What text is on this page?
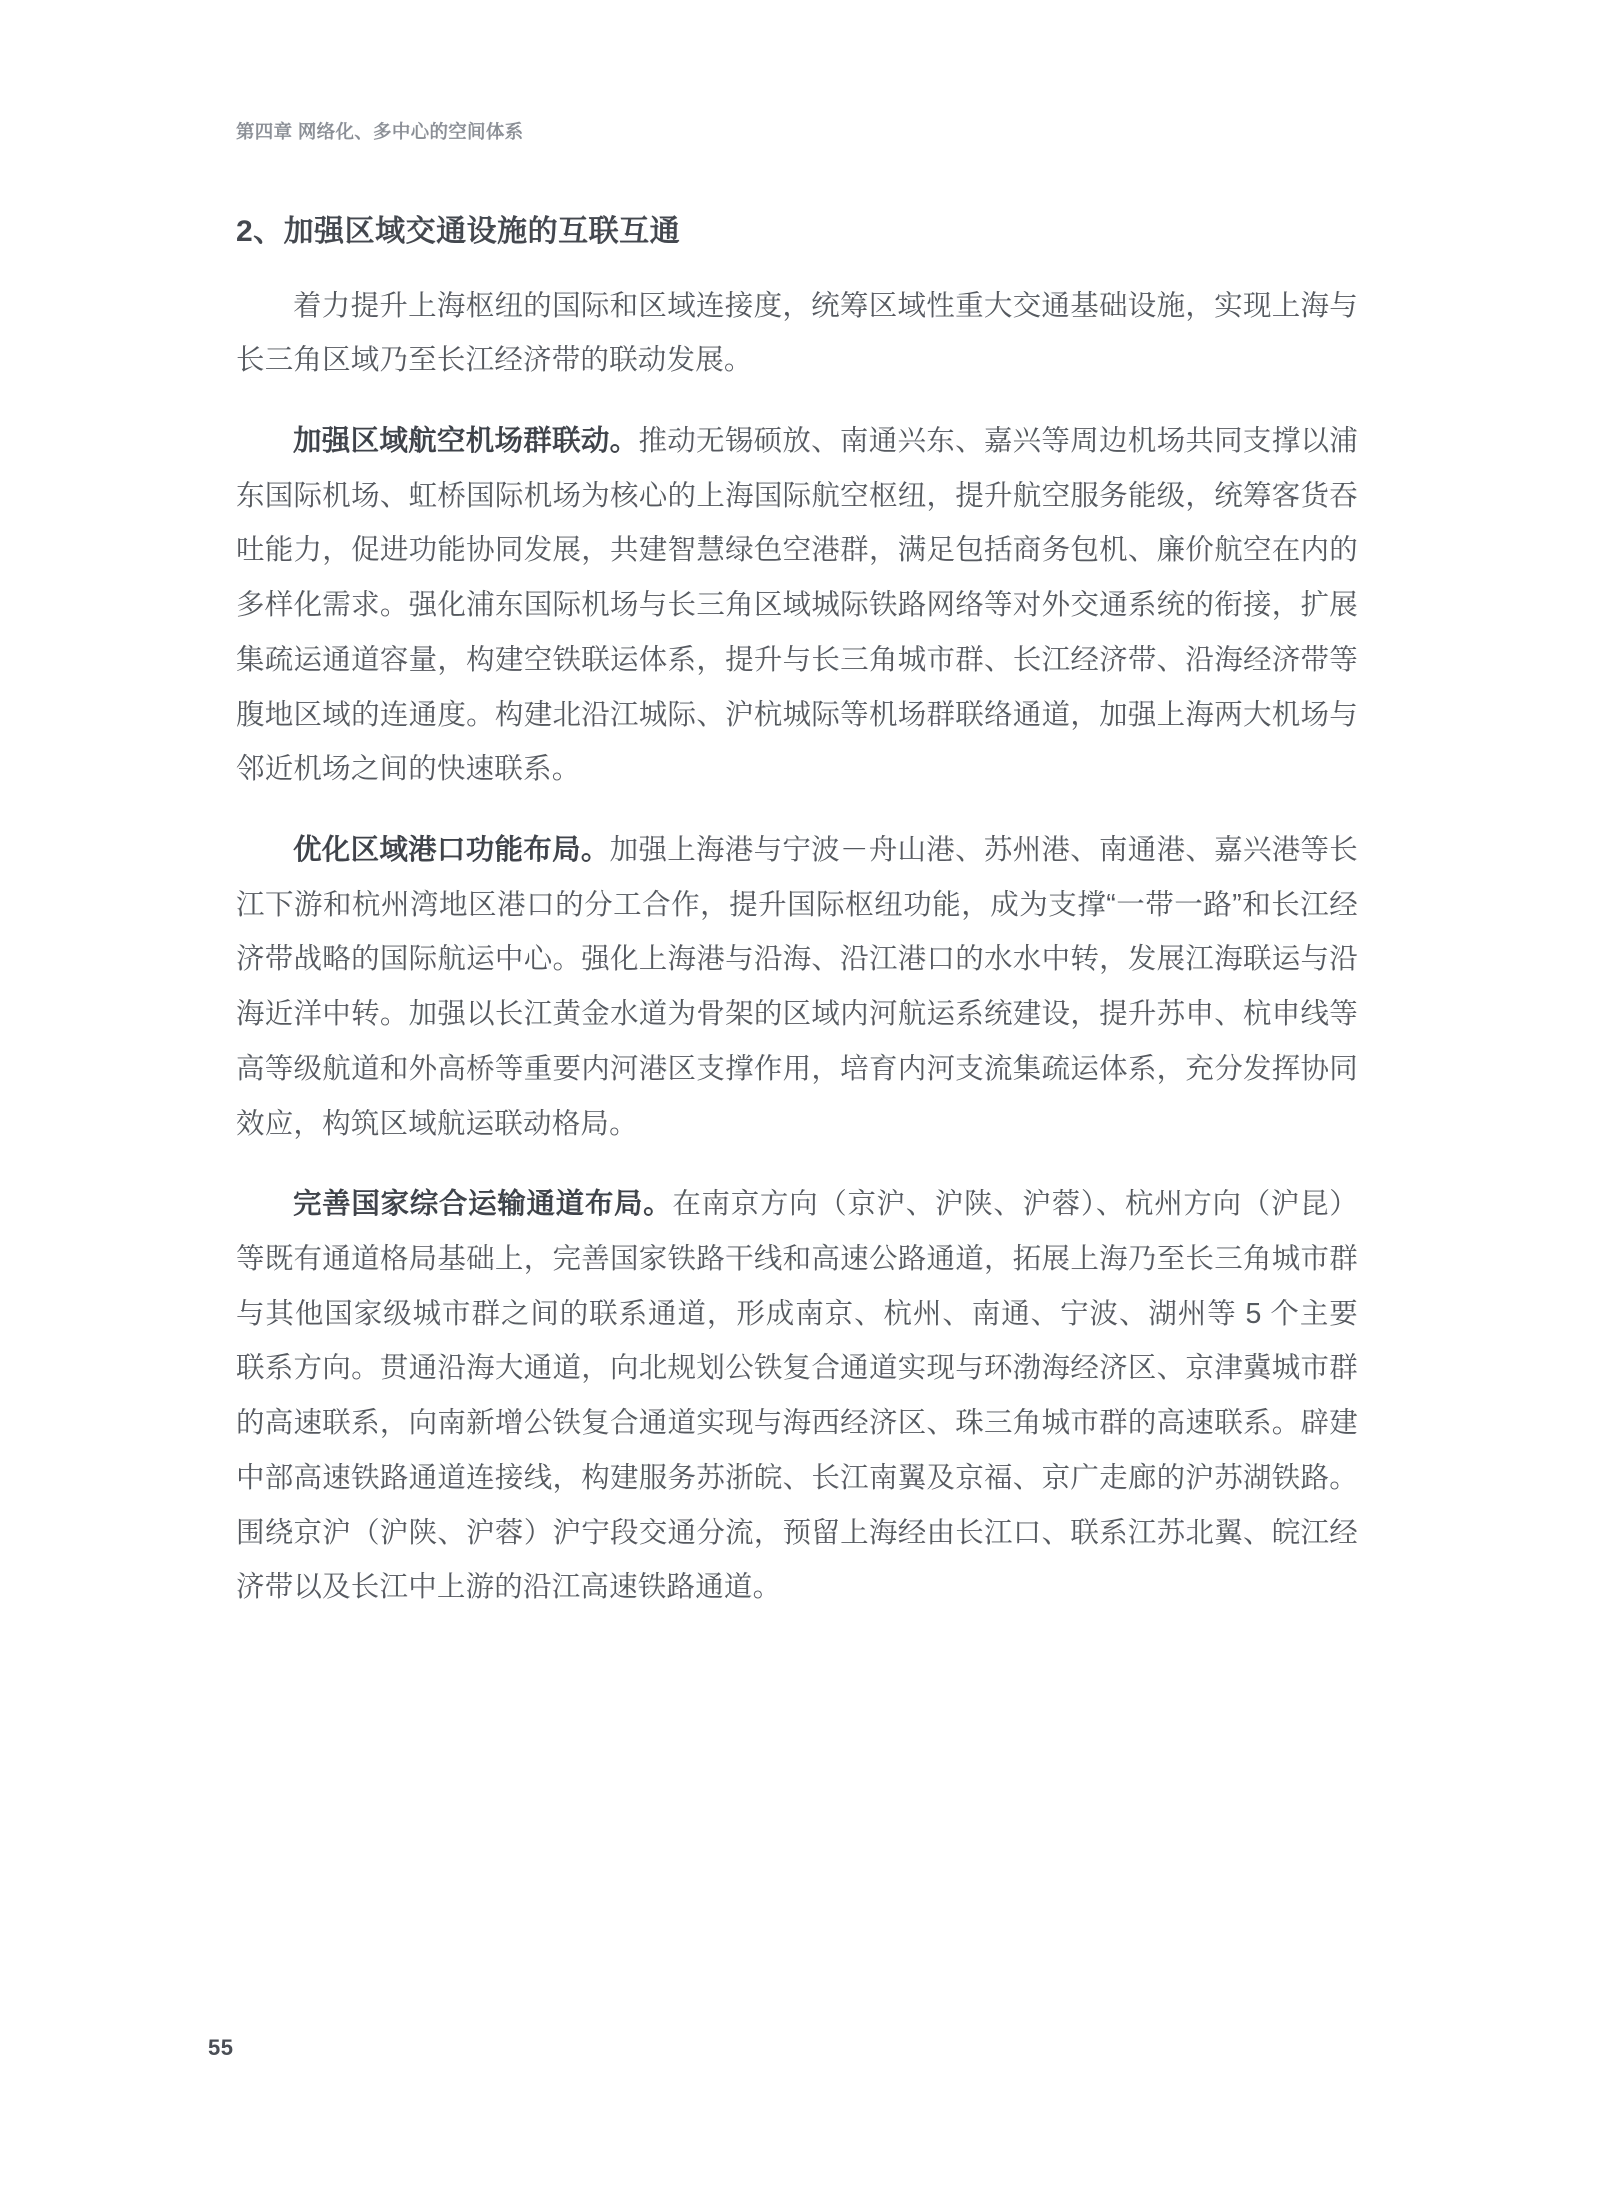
第四章 网络化、多中心的空间体系
2、加强区域交通设施的互联互通

着力提升上海枢纽的国际和区域连接度，统筹区域性重大交通基础设施，实现上海与长三角区域乃至长江经济带的联动发展。

加强区域航空机场群联动。推动无锡硕放、南通兴东、嘉兴等周边机场共同支撑以浦东国际机场、虹桥国际机场为核心的上海国际航空枢纽，提升航空服务能级，统筹客货吞吐能力，促进功能协同发展，共建智慧绿色空港群，满足包括商务包机、廉价航空在内的多样化需求。强化浦东国际机场与长三角区域城际铁路网络等对外交通系统的衔接，扩展集疏运通道容量，构建空铁联运体系，提升与长三角城市群、长江经济带、沿海经济带等腹地区域的连通度。构建北沿江城际、沪杭城际等机场群联络通道，加强上海两大机场与邻近机场之间的快速联系。

优化区域港口功能布局。加强上海港与宁波－舟山港、苏州港、南通港、嘉兴港等长江下游和杭州湾地区港口的分工合作，提升国际枢纽功能，成为支撑“一带一路”和长江经济带战略的国际航运中心。强化上海港与沿海、沿江港口的水水中转，发展江海联运与沿海近洋中转。加强以长江黄金水道为骨架的区域内河航运系统建设，提升苏申、杭申线等高等级航道和外高桥等重要内河港区支撑作用，培育内河支流集疏运体系，充分发挥协同效应，构筑区域航运联动格局。

完善国家综合运输通道布局。在南京方向（京沪、沪陕、沪蓉）、杭州方向（沪昆）等既有通道格局基础上，完善国家铁路干线和高速公路通道，拓展上海乃至长三角城市群与其他国家级城市群之间的联系通道，形成南京、杭州、南通、宁波、湖州等 5 个主要联系方向。贯通沿海大通道，向北规划公铁复合通道实现与环渤海经济区、京津冀城市群的高速联系，向南新增公铁复合通道实现与海西经济区、珠三角城市群的高速联系。辟建中部高速铁路通道连接线，构建服务苏浙皖、长江南翼及京福、京广走廊的沪苏湖铁路。围绕京沪（沪陕、沪蓉）沪宁段交通分流，预留上海经由长江口、联系江苏北翼、皖江经济带以及长江中上游的沿江高速铁路通道。

55
